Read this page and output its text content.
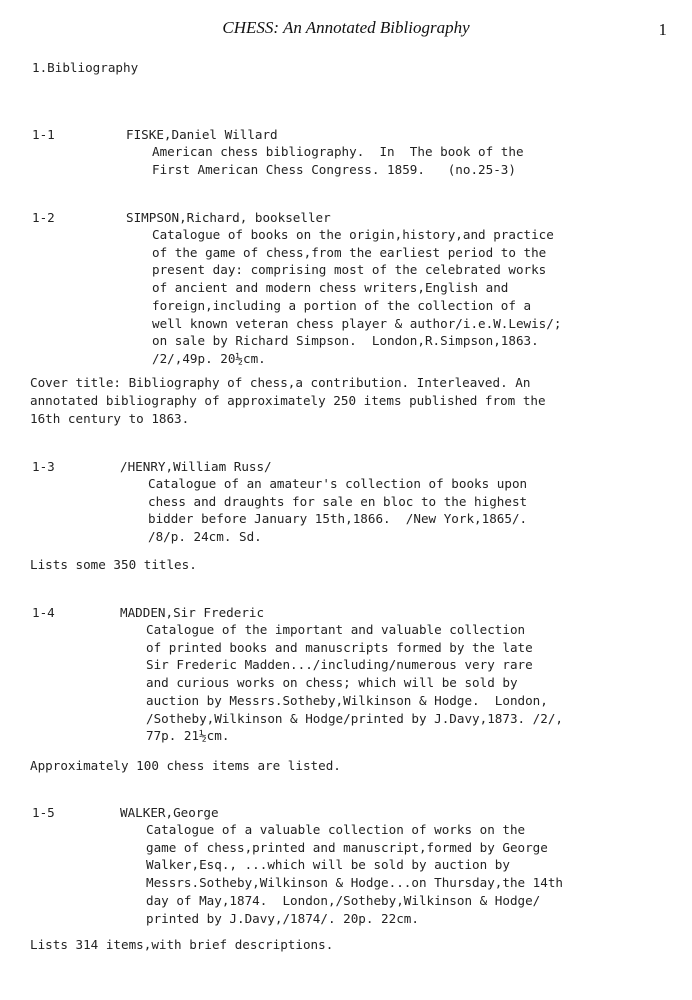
CHESS: An Annotated Bibliography	1
1.Bibliography
1-1	FISKE,Daniel Willard
American chess bibliography.  In  The book of the
First American Chess Congress. 1859.   (no.25-3)
1-2	SIMPSON,Richard, bookseller
Catalogue of books on the origin,history,and practice
of the game of chess,from the earliest period to the
present day: comprising most of the celebrated works
of ancient and modern chess writers,English and
foreign,including a portion of the collection of a
well known veteran chess player & author/i.e.W.Lewis/;
on sale by Richard Simpson.  London,R.Simpson,1863.
/2/,49p. 20½cm.
Cover title: Bibliography of chess,a contribution. Interleaved. An
annotated bibliography of approximately 250 items published from the
16th century to 1863.
1-3	/HENRY,William Russ/
Catalogue of an amateur's collection of books upon
chess and draughts for sale en bloc to the highest
bidder before January 15th,1866.  /New York,1865/.
/8/p. 24cm. Sd.
Lists some 350 titles.
1-4	MADDEN,Sir Frederic
Catalogue of the important and valuable collection
of printed books and manuscripts formed by the late
Sir Frederic Madden.../including/numerous very rare
and curious works on chess; which will be sold by
auction by Messrs.Sotheby,Wilkinson & Hodge.  London,
/Sotheby,Wilkinson & Hodge/printed by J.Davy,1873. /2/,
77p. 21½cm.
Approximately 100 chess items are listed.
1-5	WALKER,George
Catalogue of a valuable collection of works on the
game of chess,printed and manuscript,formed by George
Walker,Esq., ...which will be sold by auction by
Messrs.Sotheby,Wilkinson & Hodge...on Thursday,the 14th
day of May,1874.  London,/Sotheby,Wilkinson & Hodge/
printed by J.Davy,/1874/. 20p. 22cm.
Lists 314 items,with brief descriptions.
